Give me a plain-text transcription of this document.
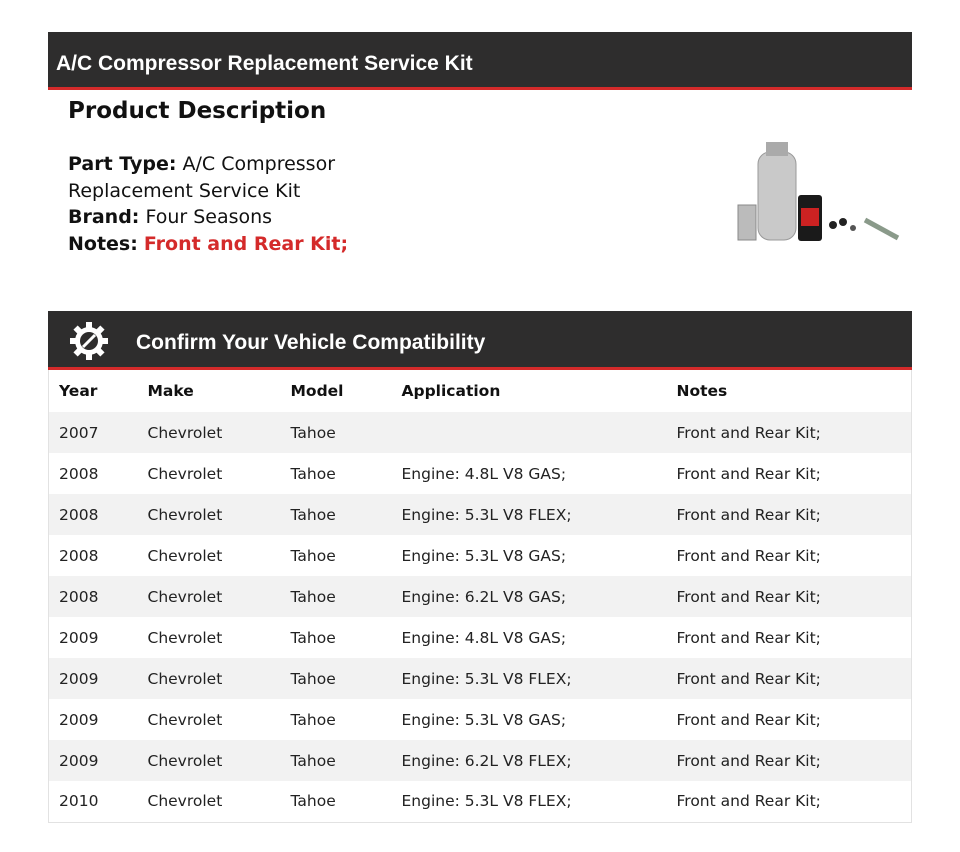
A/C Compressor Replacement Service Kit
Product Description
Part Type: A/C Compressor Replacement Service Kit
Brand: Four Seasons
Notes: Front and Rear Kit;
Confirm Your Vehicle Compatibility
Year	Make	Model	Application	Notes
2007	Chevrolet	Tahoe		Front and Rear Kit;
2008	Chevrolet	Tahoe	Engine: 4.8L V8 GAS;	Front and Rear Kit;
2008	Chevrolet	Tahoe	Engine: 5.3L V8 FLEX;	Front and Rear Kit;
2008	Chevrolet	Tahoe	Engine: 5.3L V8 GAS;	Front and Rear Kit;
2008	Chevrolet	Tahoe	Engine: 6.2L V8 GAS;	Front and Rear Kit;
2009	Chevrolet	Tahoe	Engine: 4.8L V8 GAS;	Front and Rear Kit;
2009	Chevrolet	Tahoe	Engine: 5.3L V8 FLEX;	Front and Rear Kit;
2009	Chevrolet	Tahoe	Engine: 5.3L V8 GAS;	Front and Rear Kit;
2009	Chevrolet	Tahoe	Engine: 6.2L V8 FLEX;	Front and Rear Kit;
2010	Chevrolet	Tahoe	Engine: 5.3L V8 FLEX;	Front and Rear Kit;
